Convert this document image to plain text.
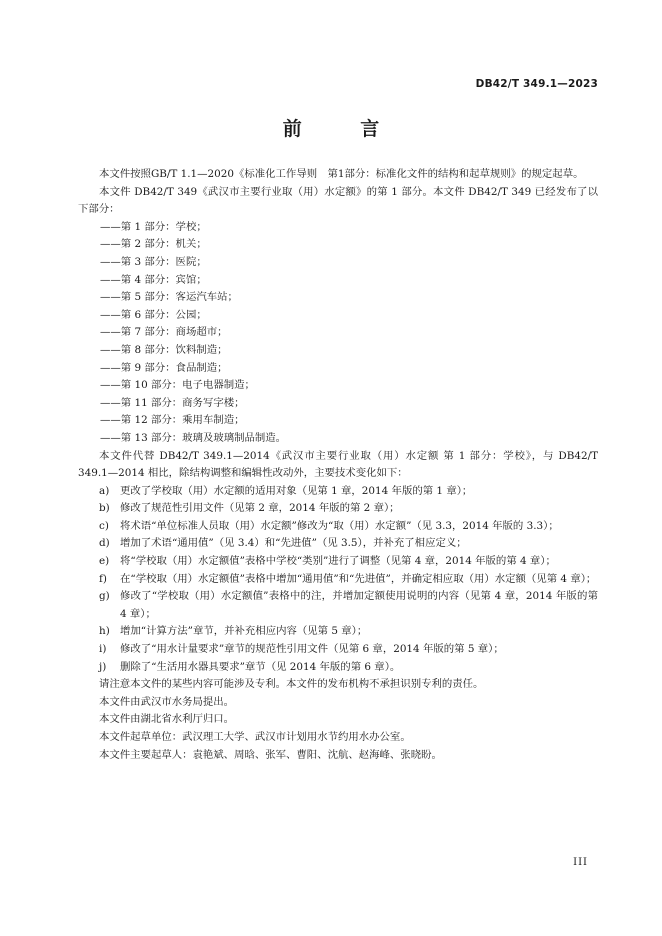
DB42/T 349.1—2023
前 言
本文件按照GB/T 1.1—2020《标准化工作导则　第1部分：标准化文件的结构和起草规则》的规定起草。
本文件 DB42/T 349《武汉市主要行业取（用）水定额》的第 1 部分。本文件 DB42/T 349 已经发布了以下部分：
——第 1 部分：学校；
——第 2 部分：机关；
——第 3 部分：医院；
——第 4 部分：宾馆；
——第 5 部分：客运汽车站；
——第 6 部分：公园；
——第 7 部分：商场超市；
——第 8 部分：饮料制造；
——第 9 部分：食品制造；
——第 10 部分：电子电器制造；
——第 11 部分：商务写字楼；
——第 12 部分：乘用车制造；
——第 13 部分：玻璃及玻璃制品制造。
本文件代替 DB42/T 349.1—2014《武汉市主要行业取（用）水定额 第 1 部分：学校》，与 DB42/T 349.1—2014 相比，除结构调整和编辑性改动外，主要技术变化如下：
a)	更改了学校取（用）水定额的适用对象（见第 1 章，2014 年版的第 1 章）；
b) 修改了规范性引用文件（见第 2 章，2014 年版的第 2 章）；
c) 将术语“单位标准人员取（用）水定额”修改为“取（用）水定额”（见 3.3，2014 年版的 3.3）；
d) 增加了术语“通用值”（见 3.4）和“先进值”（见 3.5），并补充了相应定义；
e) 将“学校取（用）水定额值”表格中学校“类别”进行了调整（见第 4 章，2014 年版的第 4 章）；
f)	在“学校取（用）水定额值”表格中增加“通用值”和“先进值”，并确定相应取（用）水定额（见第 4 章）；
g) 修改了“学校取（用）水定额值”表格中的注，并增加定额使用说明的内容（见第 4 章，2014 年版的第 4 章）；
h) 增加“计算方法”章节，并补充相应内容（见第 5 章）；
i)	修改了“用水计量要求”章节的规范性引用文件（见第 6 章，2014 年版的第 5 章）；
j)	删除了“生活用水器具要求”章节（见 2014 年版的第 6 章）。
请注意本文件的某些内容可能涉及专利。本文件的发布机构不承担识别专利的责任。
本文件由武汉市水务局提出。
本文件由湖北省水利厅归口。
本文件起草单位：武汉理工大学、武汉市计划用水节约用水办公室。
本文件主要起草人：袁艳斌、周晗、张军、曹阳、沈航、赵海峰、张晓盼。
III
